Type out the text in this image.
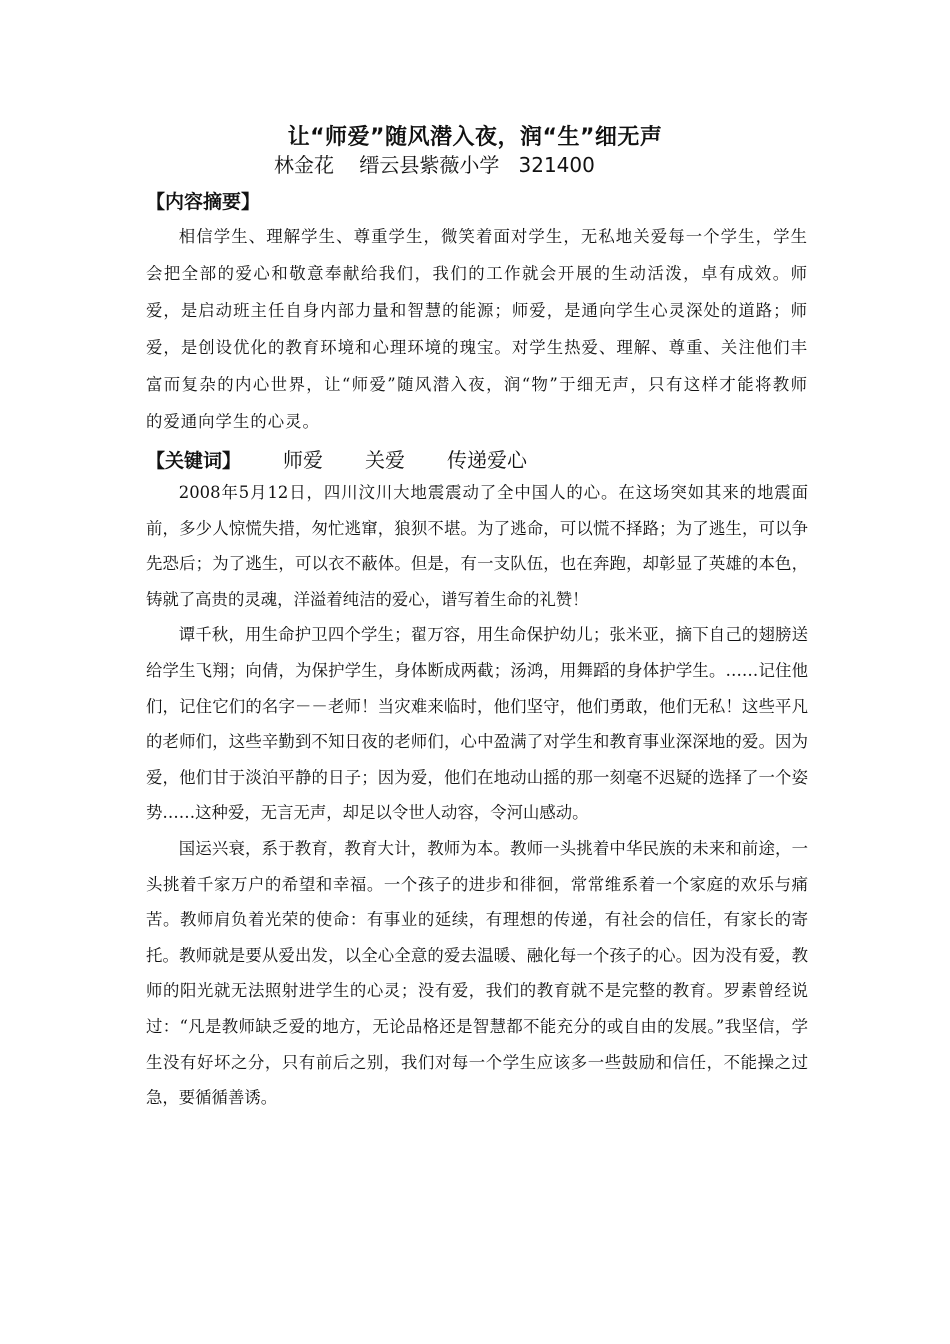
让“师爱”随风潜入夜，润“生”细无声
林金花    缙云县紫薇小学   321400
【内容摘要】

相信学生、理解学生、尊重学生，微笑着面对学生，无私地关爱每一个学生，学生会把全部的爱心和敬意奉献给我们，我们的工作就会开展的生动活泼，卓有成效。师爱，是启动班主任自身内部力量和智慧的能源；师爱，是通向学生心灵深处的道路；师爱，是创设优化的教育环境和心理环境的瑰宝。对学生热爱、理解、尊重、关注他们丰富而复杂的内心世界，让“师爱”随风潜入夜，润“物”于细无声，只有这样才能将教师的爱通向学生的心灵。

【关键词】 师爱 关爱 传递爱心

2008年5月12日，四川汶川大地震震动了全中国人的心。在这场突如其来的地震面前，多少人惊慌失措，匆忙逃窜，狼狈不堪。为了逃命，可以慌不择路；为了逃生，可以争先恐后；为了逃生，可以衣不蔽体。但是，有一支队伍，也在奔跑，却彰显了英雄的本色，铸就了高贵的灵魂，洋溢着纯洁的爱心，谱写着生命的礼赞！

谭千秋，用生命护卫四个学生；翟万容，用生命保护幼儿；张米亚，摘下自己的翅膀送给学生飞翔；向倩，为保护学生，身体断成两截；汤鸿，用舞蹈的身体护学生。……记住他们，记住它们的名字－－老师！当灾难来临时，他们坚守，他们勇敢，他们无私！这些平凡的老师们，这些辛勤到不知日夜的老师们，心中盈满了对学生和教育事业深深地的爱。因为爱，他们甘于淡泊平静的日子；因为爱，他们在地动山摇的那一刻毫不迟疑的选择了一个姿势……这种爱，无言无声，却足以令世人动容，令河山感动。

国运兴衰，系于教育，教育大计，教师为本。教师一头挑着中华民族的未来和前途，一头挑着千家万户的希望和幸福。一个孩子的进步和徘徊，常常维系着一个家庭的欢乐与痛苦。教师肩负着光荣的使命：有事业的延续，有理想的传递，有社会的信任，有家长的寄托。教师就是要从爱出发，以全心全意的爱去温暖、融化每一个孩子的心。因为没有爱，教师的阳光就无法照射进学生的心灵；没有爱，我们的教育就不是完整的教育。罗素曾经说过：“凡是教师缺乏爱的地方，无论品格还是智慧都不能充分的或自由的发展。”我坚信，学生没有好坏之分，只有前后之别，我们对每一个学生应该多一些鼓励和信任，不能操之过急，要循循善诱。
